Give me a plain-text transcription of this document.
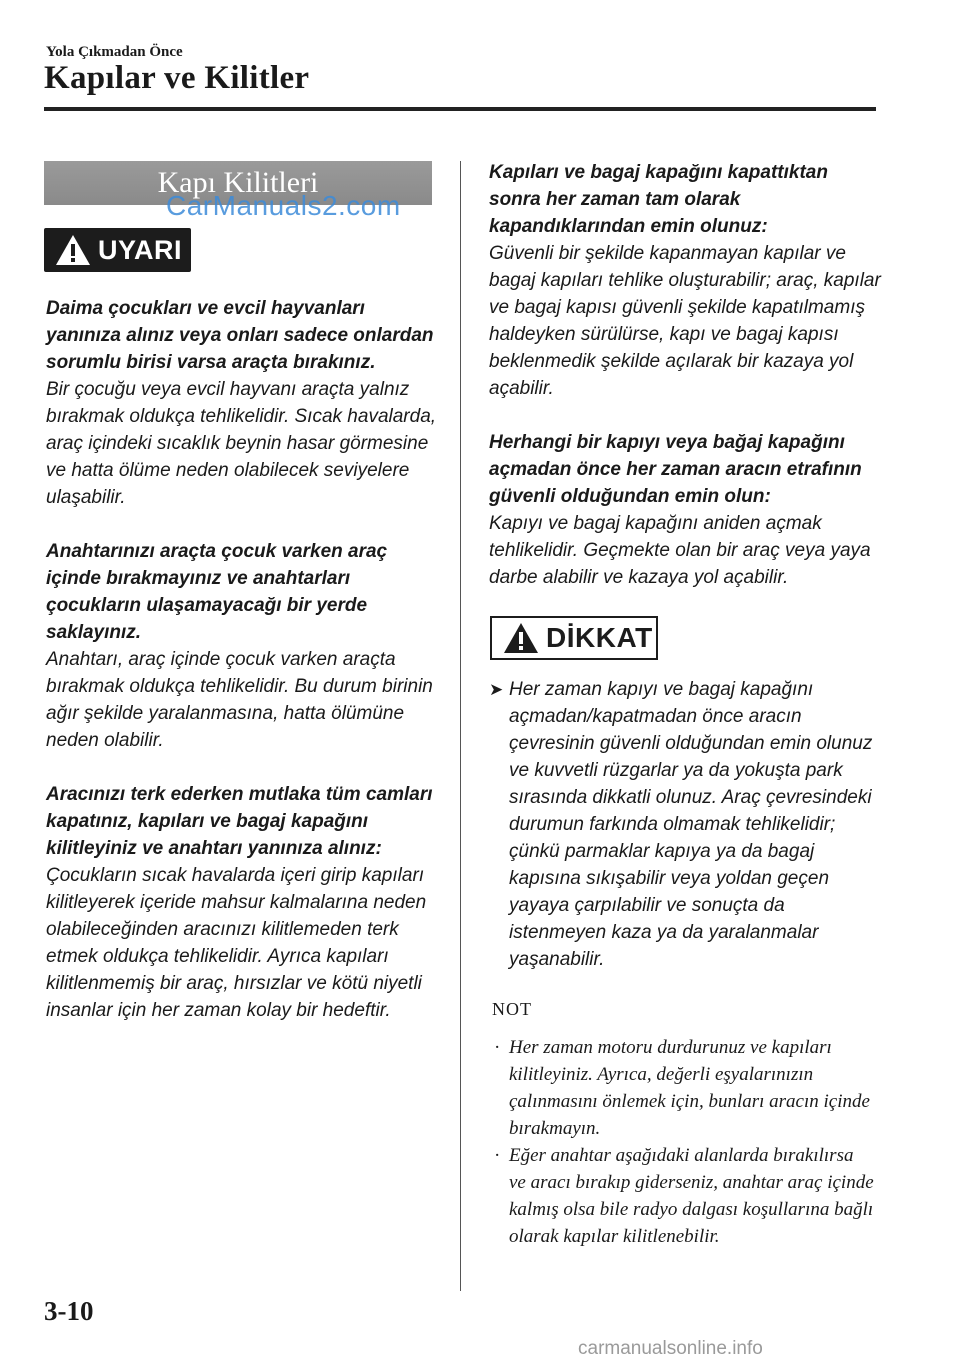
Yola Çıkmadan Önce
Kapılar ve Kilitler
Kapı Kilitleri
CarManuals2.com
UYARI

Daima çocukları ve evcil hayvanları yanınıza alınız veya onları sadece onlardan sorumlu birisi varsa araçta bırakınız.

Bir çocuğu veya evcil hayvanı araçta yalnız bırakmak oldukça tehlikelidir. Sıcak havalarda, araç içindeki sıcaklık beynin hasar görmesine ve hatta ölüme neden olabilecek seviyelere ulaşabilir.

Anahtarınızı araçta çocuk varken araç içinde bırakmayınız ve anahtarları çocukların ulaşamayacağı bir yerde saklayınız.

Anahtarı, araç içinde çocuk varken araçta bırakmak oldukça tehlikelidir. Bu durum birinin ağır şekilde yaralanmasına, hatta ölümüne neden olabilir.

Aracınızı terk ederken mutlaka tüm camları kapatınız, kapıları ve bagaj kapağını kilitleyiniz ve anahtarı yanınıza alınız:

Çocukların sıcak havalarda içeri girip kapıları kilitleyerek içeride mahsur kalmalarına neden olabileceğinden aracınızı kilitlemeden terk etmek oldukça tehlikelidir. Ayrıca kapıları kilitlenmemiş bir araç, hırsızlar ve kötü niyetli insanlar için her zaman kolay bir hedeftir.

Kapıları ve bagaj kapağını kapattıktan sonra her zaman tam olarak kapandıklarından emin olunuz:

Güvenli bir şekilde kapanmayan kapılar ve bagaj kapıları tehlike oluşturabilir; araç, kapılar ve bagaj kapısı güvenli şekilde kapatılmamış haldeyken sürülürse, kapı ve bagaj kapısı beklenmedik şekilde açılarak bir kazaya yol açabilir.

Herhangi bir kapıyı veya bağaj kapağını açmadan önce her zaman aracın etrafının güvenli olduğundan emin olun:

Kapıyı ve bagaj kapağını aniden açmak tehlikelidir. Geçmekte olan bir araç veya yaya darbe alabilir ve kazaya yol açabilir.

DİKKAT
➤ Her zaman kapıyı ve bagaj kapağını açmadan/kapatmadan önce aracın çevresinin güvenli olduğundan emin olunuz ve kuvvetli rüzgarlar ya da yokuşta park sırasında dikkatli olunuz. Araç çevresindeki durumun farkında olmamak tehlikelidir; çünkü parmaklar kapıya ya da bagaj kapısına sıkışabilir veya yoldan geçen yayaya çarpılabilir ve sonuçta da istenmeyen kaza ya da yaralanmalar yaşanabilir.
NOT
· Her zaman motoru durdurunuz ve kapıları kilitleyiniz. Ayrıca, değerli eşyalarınızın çalınmasını önlemek için, bunları aracın içinde bırakmayın.
· Eğer anahtar aşağıdaki alanlarda bırakılırsa ve aracı bırakıp giderseniz, anahtar araç içinde kalmış olsa bile radyo dalgası koşullarına bağlı olarak kapılar kilitlenebilir.
3-10
carmanualsonline.info
